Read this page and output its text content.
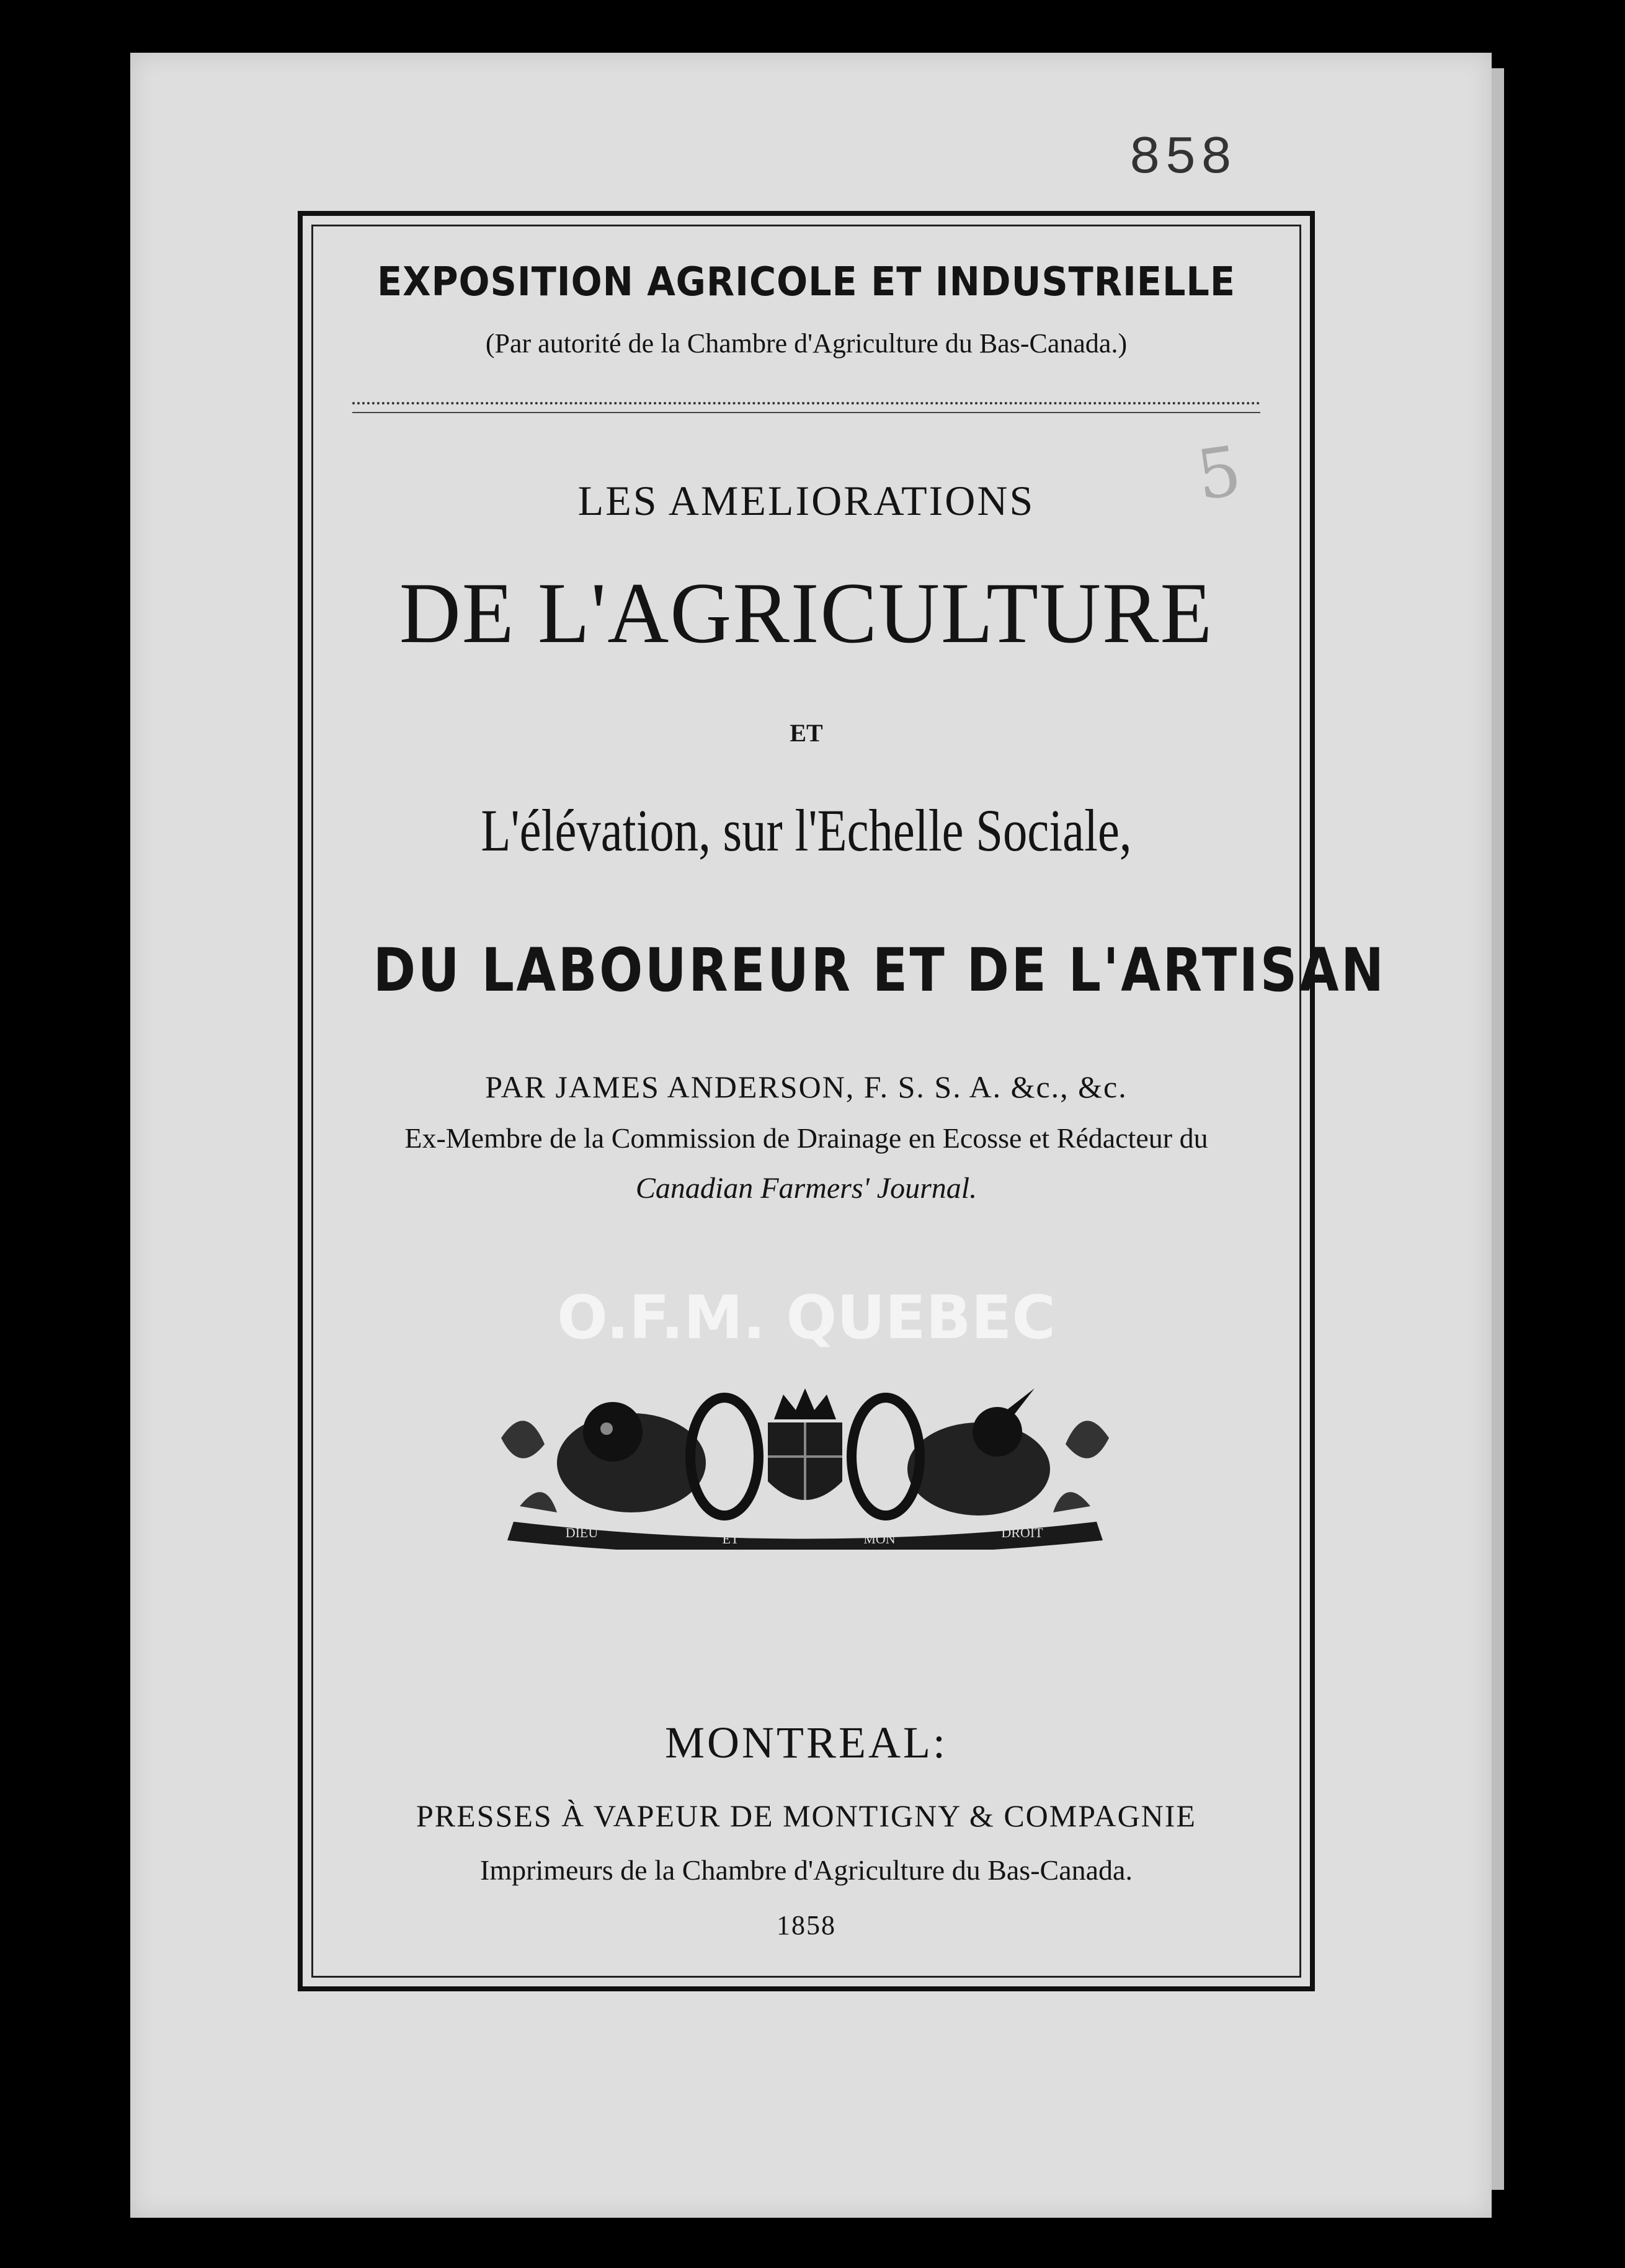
858
5

EXPOSITION AGRICOLE ET INDUSTRIELLE

(Par autorité de la Chambre d'Agriculture du Bas-Canada.)

LES AMELIORATIONS

DE L'AGRICULTURE

ET

L'élévation, sur l'Echelle Sociale,

DU LABOUREUR ET DE L'ARTISAN

PAR JAMES ANDERSON, F. S. S. A. &c., &c.

Ex-Membre de la Commission de Drainage en Ecosse et Rédacteur du

Canadian Farmers' Journal.

O.F.M. QUEBEC
DIEU	ET	MON	DROIT

MONTREAL:

PRESSES À VAPEUR DE MONTIGNY & COMPAGNIE

Imprimeurs de la Chambre d'Agriculture du Bas-Canada.

1858
